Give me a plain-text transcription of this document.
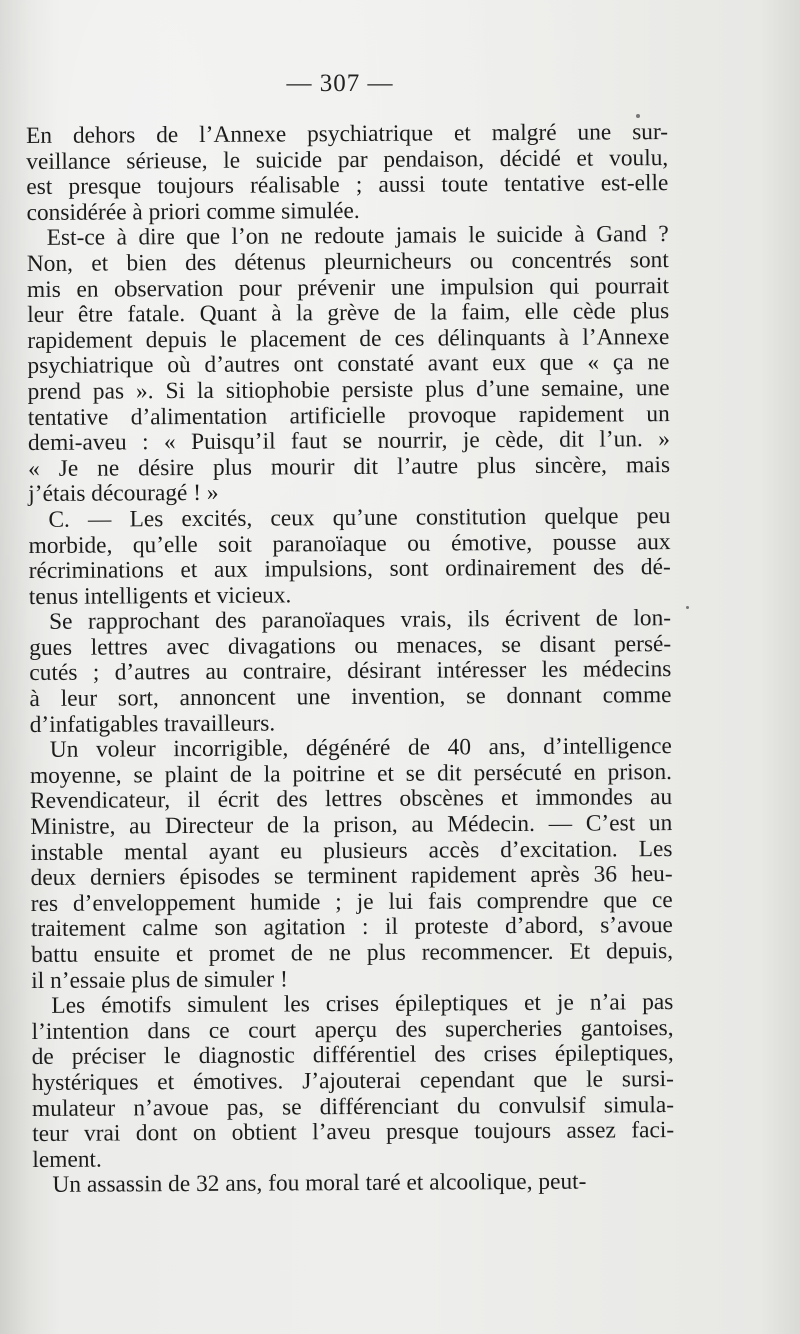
— 307 —
En dehors de l’Annexe psychiatrique et malgré une sur-
veillance sérieuse, le suicide par pendaison, décidé et voulu,
est presque toujours réalisable ; aussi toute tentative est-elle
considérée à priori comme simulée.
Est-ce à dire que l’on ne redoute jamais le suicide à Gand ?
Non, et bien des détenus pleurnicheurs ou concentrés sont
mis en observation pour prévenir une impulsion qui pourrait
leur être fatale. Quant à la grève de la faim, elle cède plus
rapidement depuis le placement de ces délinquants à l’Annexe
psychiatrique où d’autres ont constaté avant eux que « ça ne
prend pas ». Si la sitiophobie persiste plus d’une semaine, une
tentative d’alimentation artificielle provoque rapidement un
demi-aveu : « Puisqu’il faut se nourrir, je cède, dit l’un. »
« Je ne désire plus mourir dit l’autre plus sincère, mais
j’étais découragé ! »
C. — Les excités, ceux qu’une constitution quelque peu
morbide, qu’elle soit paranoïaque ou émotive, pousse aux
récriminations et aux impulsions, sont ordinairement des dé-
tenus intelligents et vicieux.
Se rapprochant des paranoïaques vrais, ils écrivent de lon-
gues lettres avec divagations ou menaces, se disant persé-
cutés ; d’autres au contraire, désirant intéresser les médecins
à leur sort, annoncent une invention, se donnant comme
d’infatigables travailleurs.
Un voleur incorrigible, dégénéré de 40 ans, d’intelligence
moyenne, se plaint de la poitrine et se dit persécuté en prison.
Revendicateur, il écrit des lettres obscènes et immondes au
Ministre, au Directeur de la prison, au Médecin. — C’est un
instable mental ayant eu plusieurs accès d’excitation. Les
deux derniers épisodes se terminent rapidement après 36 heu-
res d’enveloppement humide ; je lui fais comprendre que ce
traitement calme son agitation : il proteste d’abord, s’avoue
battu ensuite et promet de ne plus recommencer. Et depuis,
il n’essaie plus de simuler !
Les émotifs simulent les crises épileptiques et je n’ai pas
l’intention dans ce court aperçu des supercheries gantoises,
de préciser le diagnostic différentiel des crises épileptiques,
hystériques et émotives. J’ajouterai cependant que le sursi-
mulateur n’avoue pas, se différenciant du convulsif simula-
teur vrai dont on obtient l’aveu presque toujours assez faci-
lement.
Un assassin de 32 ans, fou moral taré et alcoolique, peut-
